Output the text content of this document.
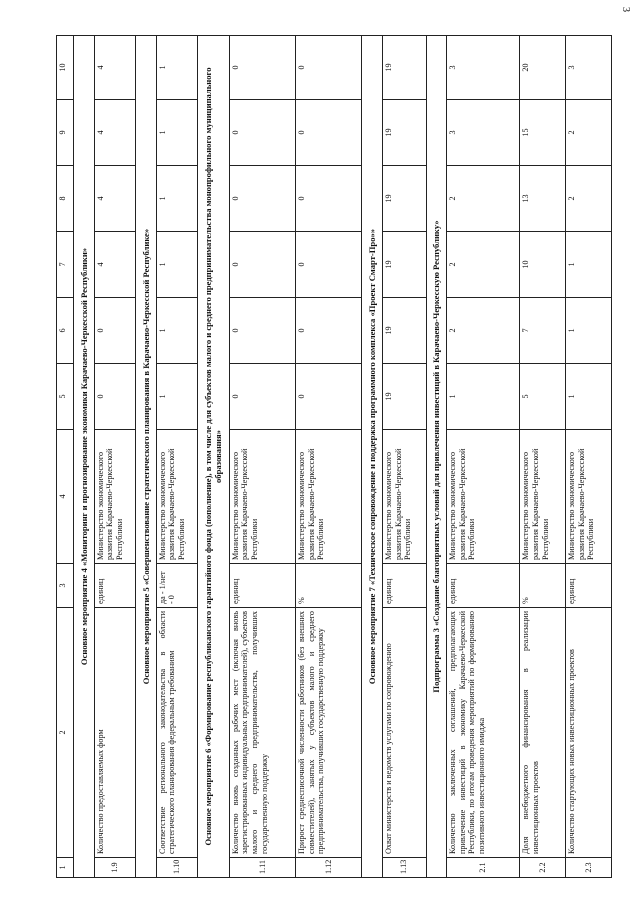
3
1	2	3	4	5	6	7	8	9	10
Основное мероприятие 4 «Мониторинг и прогнозирование экономики Карачаево-Черкесской Республики»									
1.9	Количество предоставляемых форм	единиц	Министерство экономического развития Карачаево-Черкесской Республики	0	0	4	4	4	4
Основное мероприятие 5 «Совершенствование стратегического планирования в Карачаево-Черкесской Республике»									
1.10	Соответствие регионального законодательства в области стратегического планирования федеральным требованиям	да - 1/нет - 0	Министерство экономического развития Карачаево-Черкесской Республики	1	1	1	1	1	1
Основное мероприятие 6 «Формирование республиканского гарантийного фонда (пополнение), в том числе для субъектов малого и среднего предпринимательства монопрофильного муниципального образования»									
1.11	Количество вновь созданных рабочих мест (включая вновь зарегистрированных индивидуальных предпринимателей), субъектов малого и среднего предпринимательства, получивших государственную поддержку	единиц	Министерство экономического развития Карачаево-Черкесской Республики	0	0	0	0	0	0
1.12	Прирост среднесписочной численности работников (без внешних совместителей), занятых у субъектов малого и среднего предпринимательства, получивших государственную поддержку	%	Министерство экономического развития Карачаево-Черкесской Республики	0	0	0	0	0	0
Основное мероприятие 7 «Техническое сопровождение и поддержка программного комплекса «Проект Смарт-Про»»									
1.13	Охват министерств и ведомств услугами по сопровождению	единиц	Министерство экономического развития Карачаево-Черкесской Республики	19	19	19	19	19	19
Подпрограмма 3 «Создание благоприятных условий для привлечения инвестиций в Карачаево-Черкесскую Республику»									
2.1	Количество заключенных соглашений, предполагающих привлечение инвестиций в экономику Карачаево-Черкесской Республики, по итогам проведения мероприятий по формированию позитивного инвестиционного имиджа	единиц	Министерство экономического развития Карачаево-Черкесской Республики	1	2	2	2	3	3
2.2	Доля внебюджетного финансирования в реализации инвестиционных проектов	%	Министерство экономического развития Карачаево-Черкесской Республики	5	7	10	13	15	20
2.3	Количество стартующих новых инвестиционных проектов	единиц	Министерство экономического развития Карачаево-Черкесской Республики	1	1	1	2	2	3
